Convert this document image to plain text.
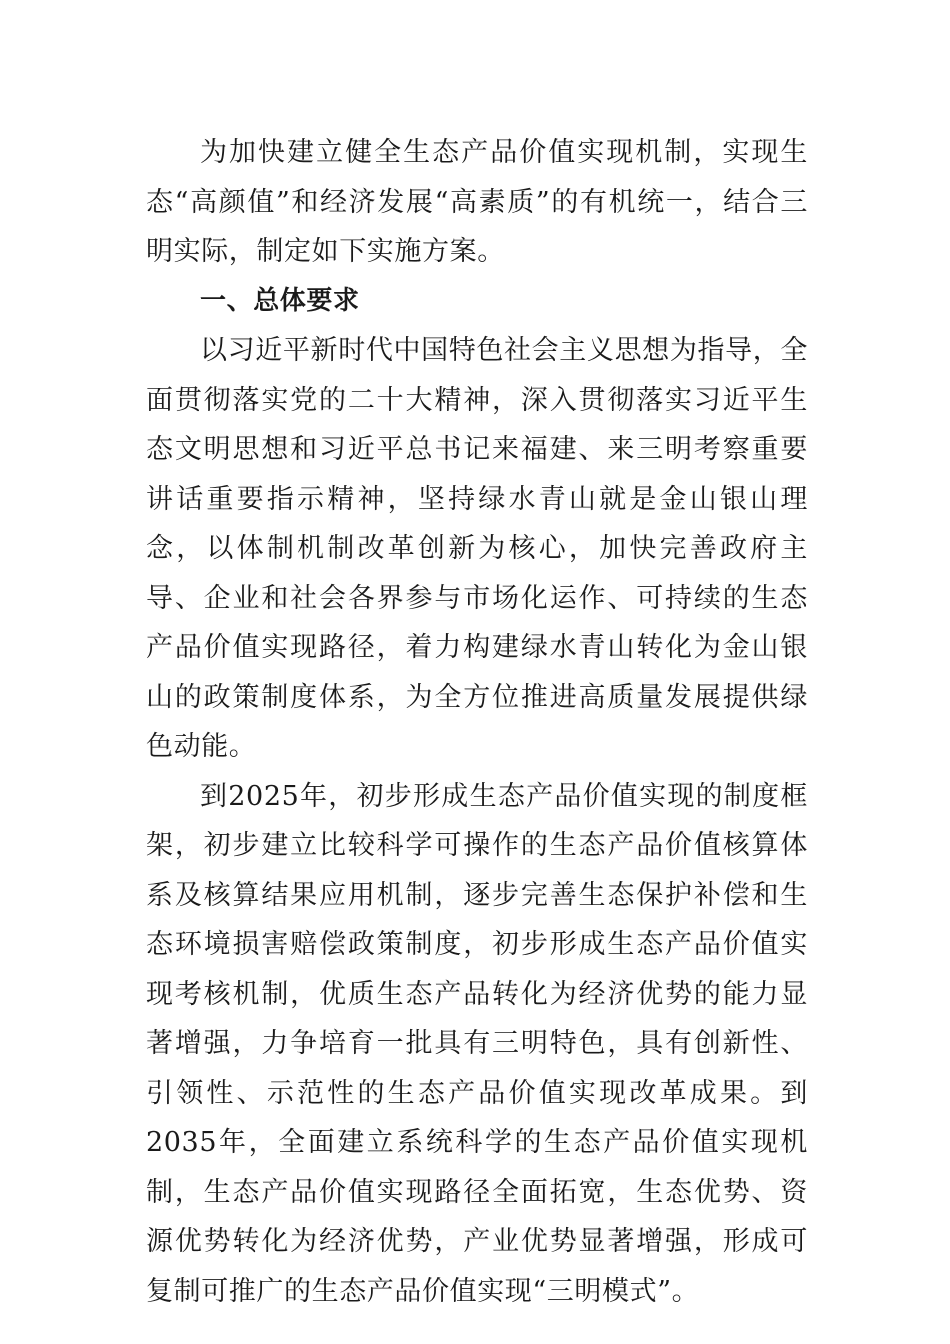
为加快建立健全生态产品价值实现机制，实现生态“高颜值”和经济发展“高素质”的有机统一，结合三明实际，制定如下实施方案。

一、总体要求

以习近平新时代中国特色社会主义思想为指导，全面贯彻落实党的二十大精神，深入贯彻落实习近平生态文明思想和习近平总书记来福建、来三明考察重要讲话重要指示精神，坚持绿水青山就是金山银山理念，以体制机制改革创新为核心，加快完善政府主导、企业和社会各界参与市场化运作、可持续的生态产品价值实现路径，着力构建绿水青山转化为金山银山的政策制度体系，为全方位推进高质量发展提供绿色动能。

到2025年，初步形成生态产品价值实现的制度框架，初步建立比较科学可操作的生态产品价值核算体系及核算结果应用机制，逐步完善生态保护补偿和生态环境损害赔偿政策制度，初步形成生态产品价值实现考核机制，优质生态产品转化为经济优势的能力显著增强，力争培育一批具有三明特色，具有创新性、引领性、示范性的生态产品价值实现改革成果。到2035年，全面建立系统科学的生态产品价值实现机制，生态产品价值实现路径全面拓宽，生态优势、资源优势转化为经济优势，产业优势显著增强，形成可复制可推广的生态产品价值实现“三明模式”。
